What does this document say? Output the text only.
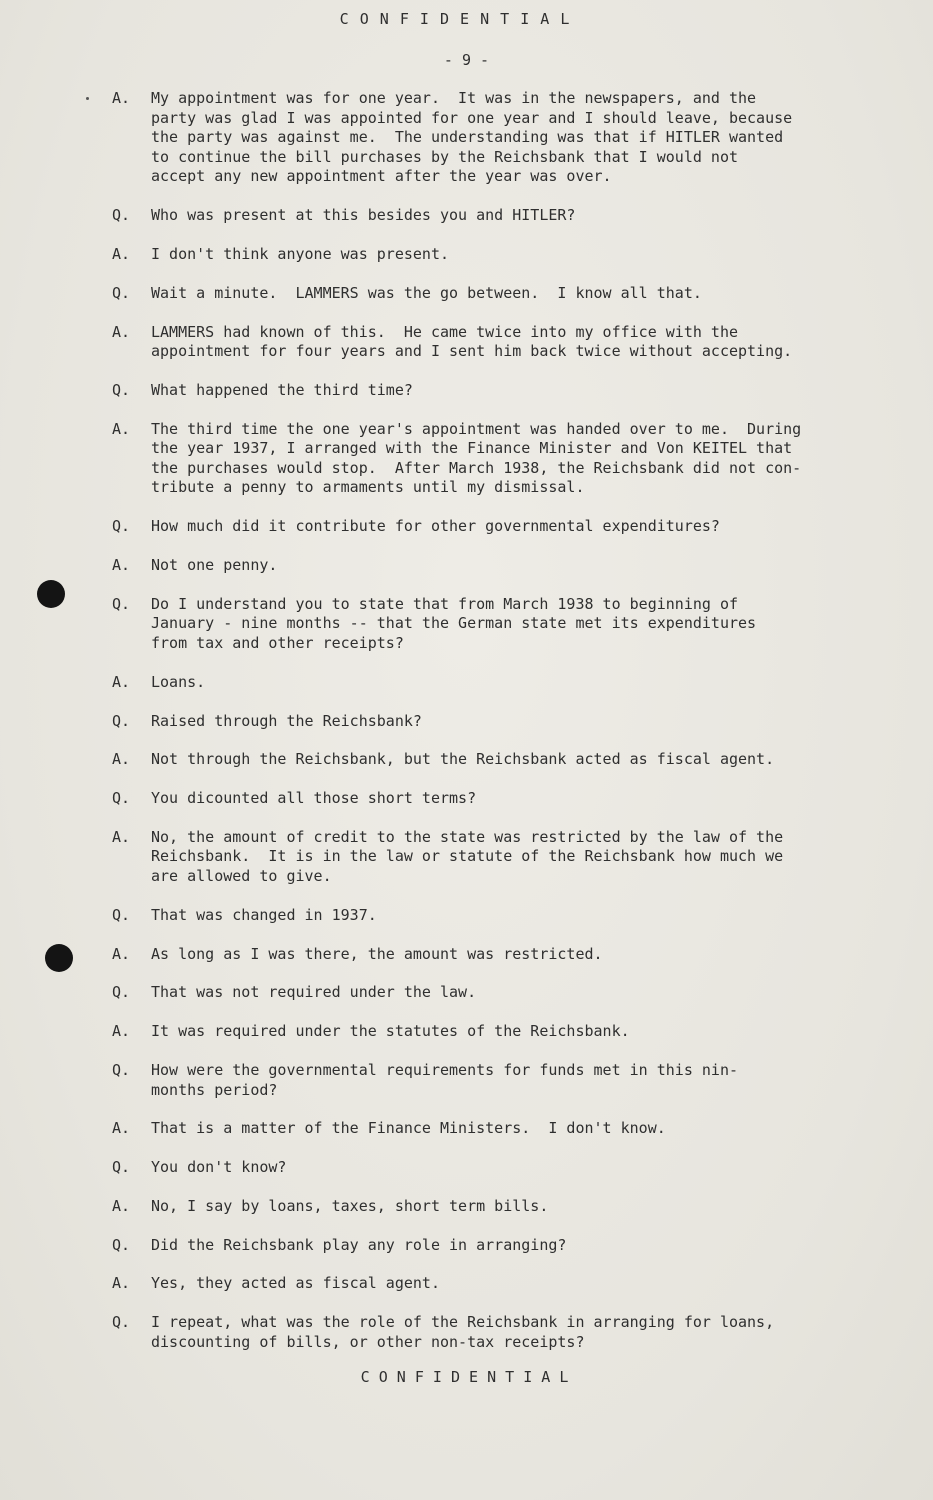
C O N F I D E N T I A L
- 9 -
A.	My appointment was for one year.  It was in the newspapers, and the
party was glad I was appointed for one year and I should leave, because
the party was against me.  The understanding was that if HITLER wanted
to continue the bill purchases by the Reichsbank that I would not
accept any new appointment after the year was over.
Q.	Who was present at this besides you and HITLER?
A.	I don't think anyone was present.
Q.	Wait a minute.  LAMMERS was the go between.  I know all that.
A.	LAMMERS had known of this.  He came twice into my office with the
appointment for four years and I sent him back twice without accepting.
Q.	What happened the third time?
A.	The third time the one year's appointment was handed over to me.  During
the year 1937, I arranged with the Finance Minister and Von KEITEL that
the purchases would stop.  After March 1938, the Reichsbank did not con-
tribute a penny to armaments until my dismissal.
Q.	How much did it contribute for other governmental expenditures?
A.	Not one penny.
Q.	Do I understand you to state that from March 1938 to beginning of
January - nine months -- that the German state met its expenditures
from tax and other receipts?
A.	Loans.
Q.	Raised through the Reichsbank?
A.	Not through the Reichsbank, but the Reichsbank acted as fiscal agent.
Q.	You dicounted all those short terms?
A.	No, the amount of credit to the state was restricted by the law of the
Reichsbank.  It is in the law or statute of the Reichsbank how much we
are allowed to give.
Q.	That was changed in 1937.
A.	As long as I was there, the amount was restricted.
Q.	That was not required under the law.
A.	It was required under the statutes of the Reichsbank.
Q.	How were the governmental requirements for funds met in this nin-
months period?
A.	That is a matter of the Finance Ministers.  I don't know.
Q.	You don't know?
A.	No, I say by loans, taxes, short term bills.
Q.	Did the Reichsbank play any role in arranging?
A.	Yes, they acted as fiscal agent.
Q.	I repeat, what was the role of the Reichsbank in arranging for loans,
discounting of bills, or other non-tax receipts?
C O N F I D E N T I A L
